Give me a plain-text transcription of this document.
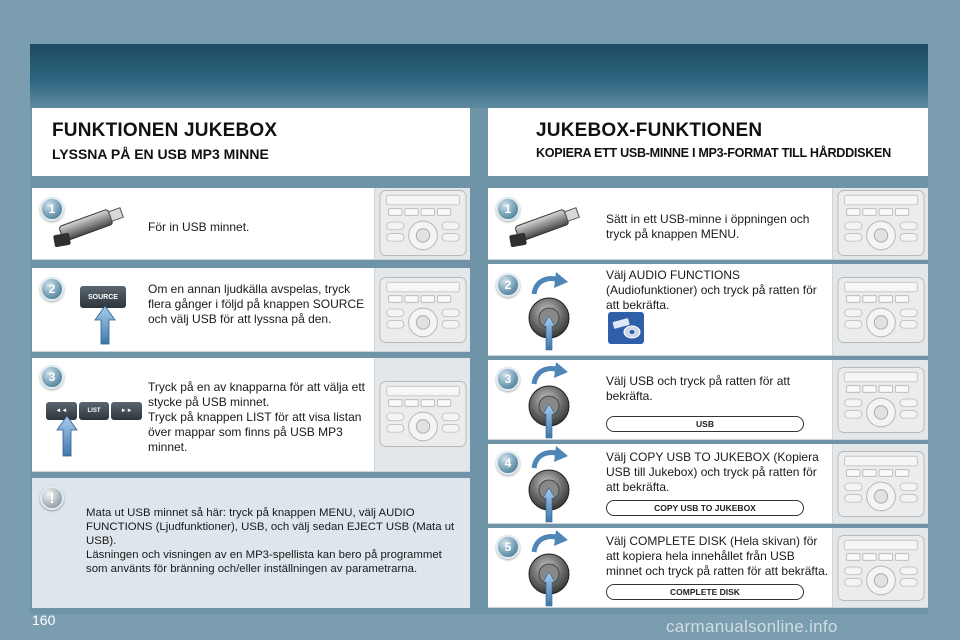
FUNKTIONEN JUKEBOX
LYSSNA PÅ EN USB MP3 MINNE
1
För in USB minnet.
2
SOURCE
Om en annan ljudkälla avspelas, tryck flera gånger i följd på knappen SOURCE och välj USB för att lyssna på den.
3
◄◄	LIST	►►
Tryck på en av knapparna för att välja ett stycke på USB minnet.
Tryck på knappen LIST för att visa listan över mappar som finns på USB MP3 minnet.
!
Mata ut USB minnet så här: tryck på knappen MENU, välj AUDIO FUNCTIONS (Ljudfunktioner), USB, och välj sedan EJECT USB (Mata ut USB).
Läsningen och visningen av en MP3-spellista kan bero på programmet som använts för bränning och/eller inställningen av parametrarna.
JUKEBOX-FUNKTIONEN
KOPIERA ETT USB-MINNE I MP3-FORMAT TILL HÅRDDISKEN
1
Sätt in ett USB-minne i öppningen och tryck på knappen MENU.
2
Välj AUDIO FUNCTIONS (Audiofunktioner) och tryck på ratten för att bekräfta.
3	Välj USB och tryck på ratten för att bekräfta.
USB
4	Välj COPY USB TO JUKEBOX (Kopiera USB till Jukebox) och tryck på ratten för att bekräfta.
COPY USB TO JUKEBOX
5	Välj COMPLETE DISK (Hela skivan) för att kopiera hela innehållet från USB minnet och tryck på ratten för att bekräfta.
COMPLETE DISK
160	carmanualsonline.info
